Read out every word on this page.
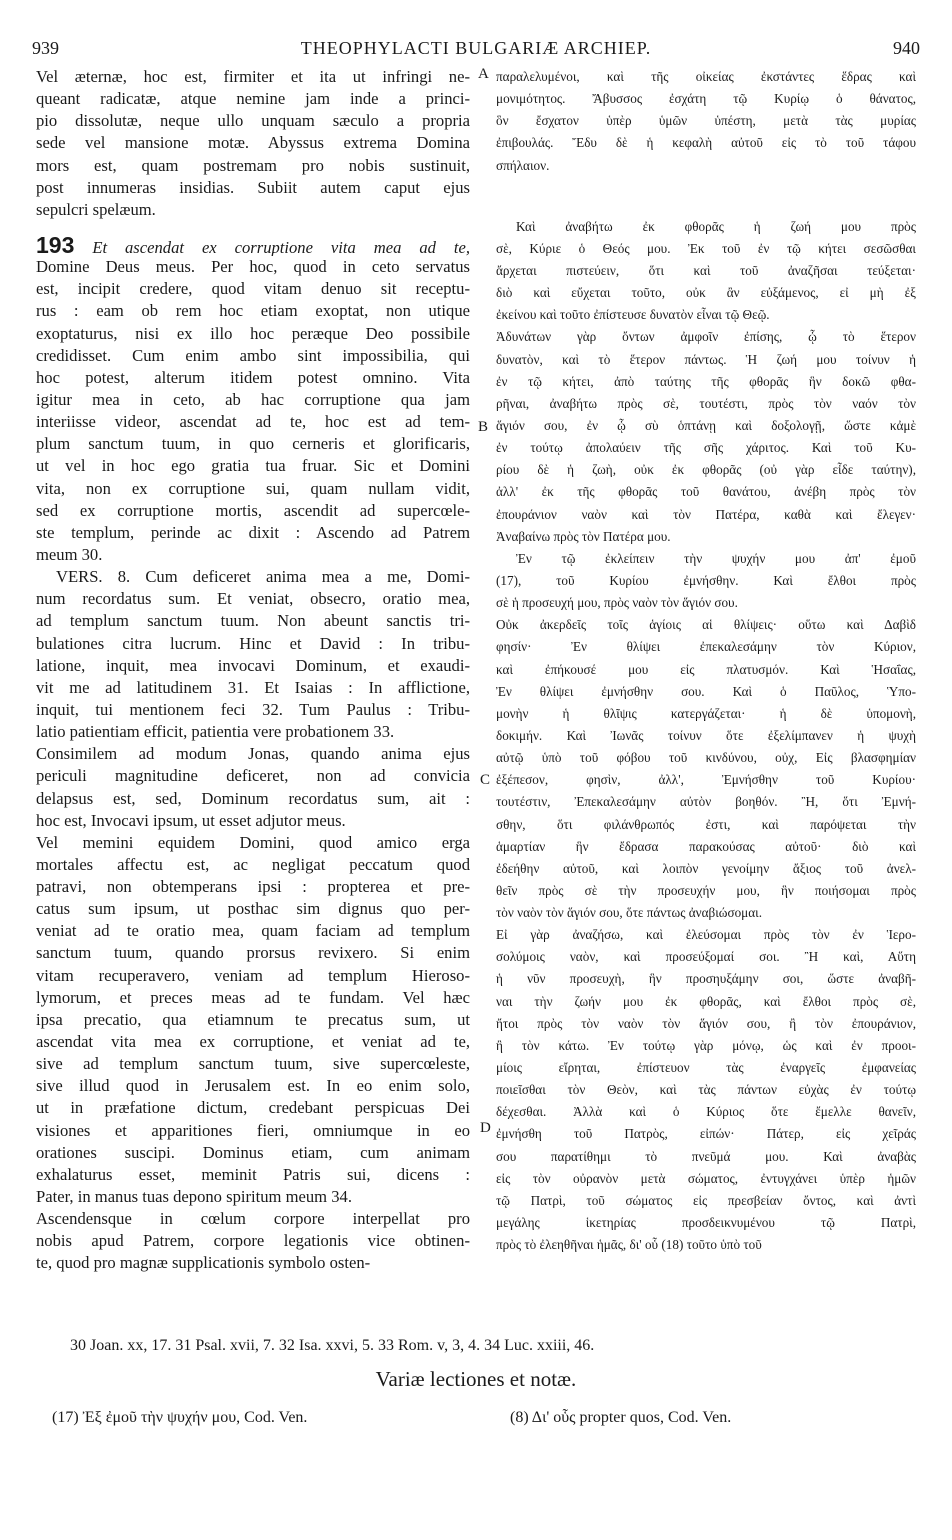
939	THEOPHYLACTI BULGARIÆ ARCHIEP.	940
Vel æternæ, hoc est, firmiter et ita ut infringi ne-
queant radicatæ, atque nemine jam inde a princi-
pio dissolutæ, neque ullo unquam sæculo a propria
sede vel mansione motæ. Abyssus extrema Domina
mors est, quam postremam pro nobis sustinuit,
post innumeras insidias. Subiit autem caput ejus
sepulcri spelæum.
193 Et ascendat ex corruptione vita mea ad te,
Domine Deus meus. Per hoc, quod in ceto servatus
est, incipit credere, quod vitam denuo sit receptu-
rus : eam ob rem hoc etiam exoptat, non utique
exoptaturus, nisi ex illo hoc peræque Deo possibile
credidisset. Cum enim ambo sint impossibilia, qui
hoc potest, alterum itidem potest omnino. Vita
igitur mea in ceto, ab hac corruptione qua jam
interiisse videor, ascendat ad te, hoc est ad tem-
plum sanctum tuum, in quo cerneris et glorificaris,
ut vel in hoc ego gratia tua fruar. Sic et Domini
vita, non ex corruptione sui, quam nullam vidit,
sed ex corruptione mortis, ascendit ad supercœle-
ste templum, perinde ac dixit : Ascendo ad Patrem
meum 30.
VERS. 8. Cum deficeret anima mea a me, Domi-
num recordatus sum. Et veniat, obsecro, oratio mea,
ad templum sanctum tuum. Non abeunt sanctis tri-
bulationes citra lucrum. Hinc et David : In tribu-
latione, inquit, mea invocavi Dominum, et exaudi-
vit me ad latitudinem 31. Et Isaias : In afflictione,
inquit, tui mentionem feci 32. Tum Paulus : Tribu-
latio patientiam efficit, patientia vere probationem 33.
Consimilem ad modum Jonas, quando anima ejus
periculi magnitudine deficeret, non ad convicia
delapsus est, sed, Dominum recordatus sum, ait :
hoc est, Invocavi ipsum, ut esset adjutor meus.
Vel memini equidem Domini, quod amico erga
mortales affectu est, ac negligat peccatum quod
patravi, non obtemperans ipsi : propterea et pre-
catus sum ipsum, ut posthac sim dignus quo per-
veniat ad te oratio mea, quam faciam ad templum
sanctum tuum, quando prorsus revixero. Si enim
vitam recuperavero, veniam ad templum Hieroso-
lymorum, et preces meas ad te fundam. Vel hæc
ipsa precatio, qua etiamnum te precatus sum, ut
ascendat vita mea ex corruptione, et veniat ad te,
sive ad templum sanctum tuum, sive supercœleste,
sive illud quod in Jerusalem est. In eo enim solo,
ut in præfatione dictum, credebant perspicuas Dei
visiones et apparitiones fieri, omniumque in eo
orationes suscipi. Dominus etiam, cum animam
exhalaturus esset, meminit Patris sui, dicens :
Pater, in manus tuas depono spiritum meum 34.
Ascendensque in cœlum corpore interpellat pro
nobis apud Patrem, corpore legationis vice obtinen-
te, quod pro magnæ supplicationis symbolo osten-
παραλελυμένοι, καὶ τῆς οἰκείας ἐκστάντες ἕδρας καὶ
μονιμότητος. Ἄβυσσος ἐσχάτη τῷ Κυρίῳ ὁ θάνατος,
ὃν ἔσχατον ὑπὲρ ὑμῶν ὑπέστη, μετὰ τὰς μυρίας
ἐπιβουλάς. Ἔδυ δὲ ἡ κεφαλὴ αὐτοῦ εἰς τὸ τοῦ τάφου
σπήλαιον.
Καὶ ἀναβήτω ἐκ φθορᾶς ἡ ζωή μου πρὸς
σὲ, Κύριε ὁ Θεός μου. Ἐκ τοῦ ἐν τῷ κήτει σεσῶσθαι
ἄρχεται πιστεύειν, ὅτι καὶ τοῦ ἀναζῆσαι τεύξεται·
διὸ καὶ εὔχεται τοῦτο, οὐκ ἂν εὐξάμενος, εἰ μὴ ἐξ
ἐκείνου καὶ τοῦτο ἐπίστευσε δυνατὸν εἶναι τῷ Θεῷ.
Ἀδυνάτων γὰρ ὄντων ἀμφοῖν ἐπίσης, ᾧ τὸ ἕτερον
δυνατὸν, καὶ τὸ ἕτερον πάντως. Ἡ ζωή μου τοίνυν ἡ
ἐν τῷ κήτει, ἀπὸ ταύτης τῆς φθορᾶς ἣν δοκῶ φθα-
ρῆναι, ἀναβήτω πρὸς σὲ, τουτέστι, πρὸς τὸν ναόν τὸν
ἅγιόν σου, ἐν ᾧ σὺ ὁπτάνῃ καὶ δοξολογῇ, ὥστε κἀμὲ
ἐν τούτῳ ἀπολαύειν τῆς σῆς χάριτος. Καὶ τοῦ Κυ-
ρίου δὲ ἡ ζωὴ, οὐκ ἐκ φθορᾶς (οὐ γὰρ εἶδε ταύτην),
ἀλλ' ἐκ τῆς φθορᾶς τοῦ θανάτου, ἀνέβη πρὸς τὸν
ἐπουράνιον ναὸν καὶ τὸν Πατέρα, καθὰ καὶ ἔλεγεν·
Ἀναβαίνω πρὸς τὸν Πατέρα μου.
Ἐν τῷ ἐκλείπειν τὴν ψυχήν μου ἀπ' ἐμοῦ
(17), τοῦ Κυρίου ἐμνήσθην. Καὶ ἔλθοι πρὸς
σὲ ἡ προσευχή μου, πρὸς ναὸν τὸν ἅγιόν σου.
Οὐκ ἀκερδεῖς τοῖς ἁγίοις αἱ θλίψεις· οὕτω καὶ Δαβὶδ
φησίν· Ἐν θλίψει ἐπεκαλεσάμην τὸν Κύριον,
καὶ ἐπήκουσέ μου εἰς πλατυσμόν. Καὶ Ἡσαΐας,
Ἐν θλίψει ἐμνήσθην σου. Καὶ ὁ Παῦλος, Ὑπο-
μονὴν ἡ θλῖψις κατεργάζεται· ἡ δὲ ὑπομονὴ,
δοκιμήν. Καὶ Ἰωνᾶς τοίνυν ὅτε ἐξελίμπανεν ἡ ψυχὴ
αὐτῷ ὑπὸ τοῦ φόβου τοῦ κινδύνου, οὐχ, Εἰς βλασφημίαν
ἐξέπεσον, φησὶν, ἀλλ', Ἐμνήσθην τοῦ Κυρίου·
τουτέστιν, Ἐπεκαλεσάμην αὐτὸν βοηθόν. Ἢ, ὅτι Ἐμνή-
σθην, ὅτι φιλάνθρωπός ἐστι, καὶ παρόψεται τὴν
ἁμαρτίαν ἣν ἔδρασα παρακούσας αὐτοῦ· διὸ καὶ
ἐδεήθην αὐτοῦ, καὶ λοιπὸν γενοίμην ἄξιος τοῦ ἀνελ-
θεῖν πρὸς σὲ τὴν προσευχήν μου, ἣν ποιήσομαι πρὸς
τὸν ναὸν τὸν ἅγιόν σου, ὅτε πάντως ἀναβιώσομαι.
Εἰ γὰρ ἀναζήσω, καὶ ἐλεύσομαι πρὸς τὸν ἐν Ἱερο-
σολύμοις ναὸν, καὶ προσεύξομαί σοι. Ἢ καὶ, Αὕτη
ἡ νῦν προσευχὴ, ἣν προσηυξάμην σοι, ὥστε ἀναβῆ-
ναι τὴν ζωήν μου ἐκ φθορᾶς, καὶ ἔλθοι πρὸς σὲ,
ἤτοι πρὸς τὸν ναὸν τὸν ἅγιόν σου, ἢ τὸν ἐπουράνιον,
ἢ τὸν κάτω. Ἐν τούτῳ γὰρ μόνῳ, ὡς καὶ ἐν προοι-
μίοις εἴρηται, ἐπίστευον τὰς ἐναργεῖς ἐμφανείας
ποιεῖσθαι τὸν Θεὸν, καὶ τὰς πάντων εὐχὰς ἐν τούτῳ
δέχεσθαι. Ἀλλὰ καὶ ὁ Κύριος ὅτε ἔμελλε θανεῖν,
ἐμνήσθη τοῦ Πατρὸς, εἰπών· Πάτερ, εἰς χεῖράς
σου παρατίθημι τὸ πνεῦμά μου. Καὶ ἀναβὰς
εἰς τὸν οὐρανὸν μετὰ σώματος, ἐντυγχάνει ὑπὲρ ἡμῶν
τῷ Πατρὶ, τοῦ σώματος εἰς πρεσβείαν ὄντος, καὶ ἀντὶ
μεγάλης ἱκετηρίας προσδεικνυμένου τῷ Πατρὶ,
πρὸς τὸ ἐλεηθῆναι ἡμᾶς, δι' οὗ (18) τοῦτο ὑπὸ τοῦ
A
B
C
D
30 Joan. xx, 17. 31 Psal. xvii, 7. 32 Isa. xxvi, 5. 33 Rom. v, 3, 4. 34 Luc. xxiii, 46.
Variæ lectiones et notæ.
(17) Ἐξ ἐμοῦ τὴν ψυχήν μου, Cod. Ven.	(8) Δι' οὗς propter quos, Cod. Ven.
